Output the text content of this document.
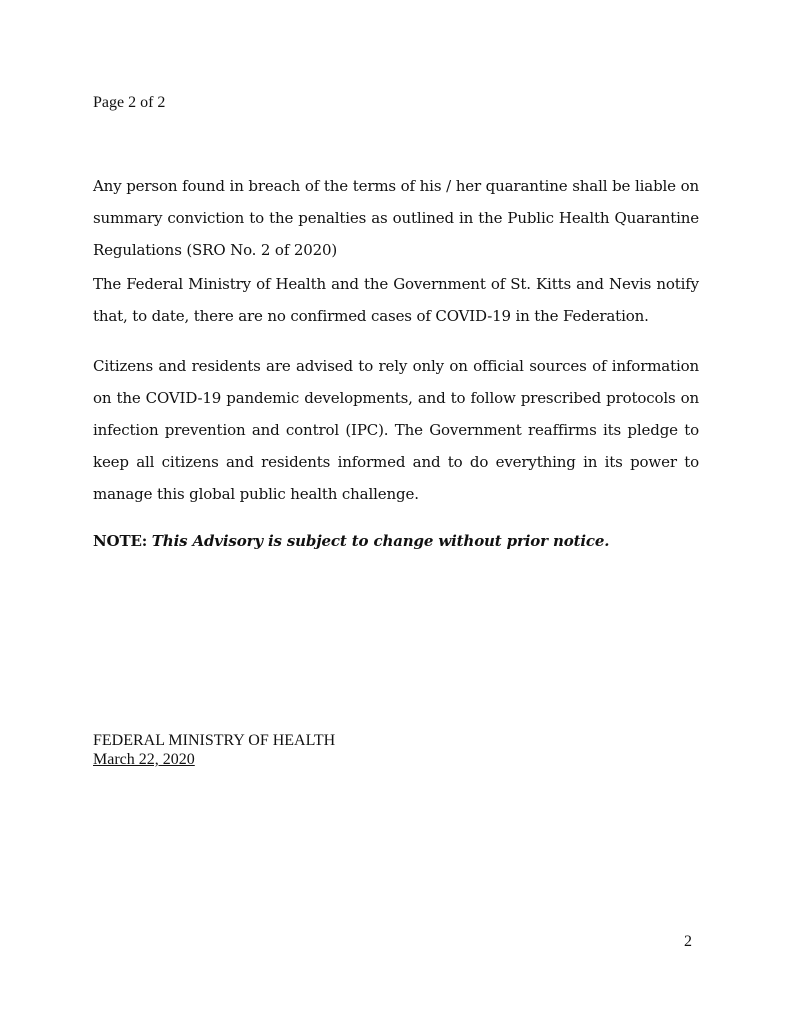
Page 2 of 2

Any person found in breach of the terms of his / her quarantine shall be liable on summary conviction to the penalties as outlined in the Public Health Quarantine Regulations (SRO No. 2 of 2020)

The Federal Ministry of Health and the Government of St. Kitts and Nevis notify that, to date, there are no confirmed cases of COVID-19 in the Federation.

Citizens and residents are advised to rely only on official sources of information on the COVID-19 pandemic developments, and to follow prescribed protocols on infection prevention and control (IPC). The Government reaffirms its pledge to keep all citizens and residents informed and to do everything in its power to manage this global public health challenge.

NOTE: This Advisory is subject to change without prior notice.

FEDERAL MINISTRY OF HEALTH
March 22, 2020

2
